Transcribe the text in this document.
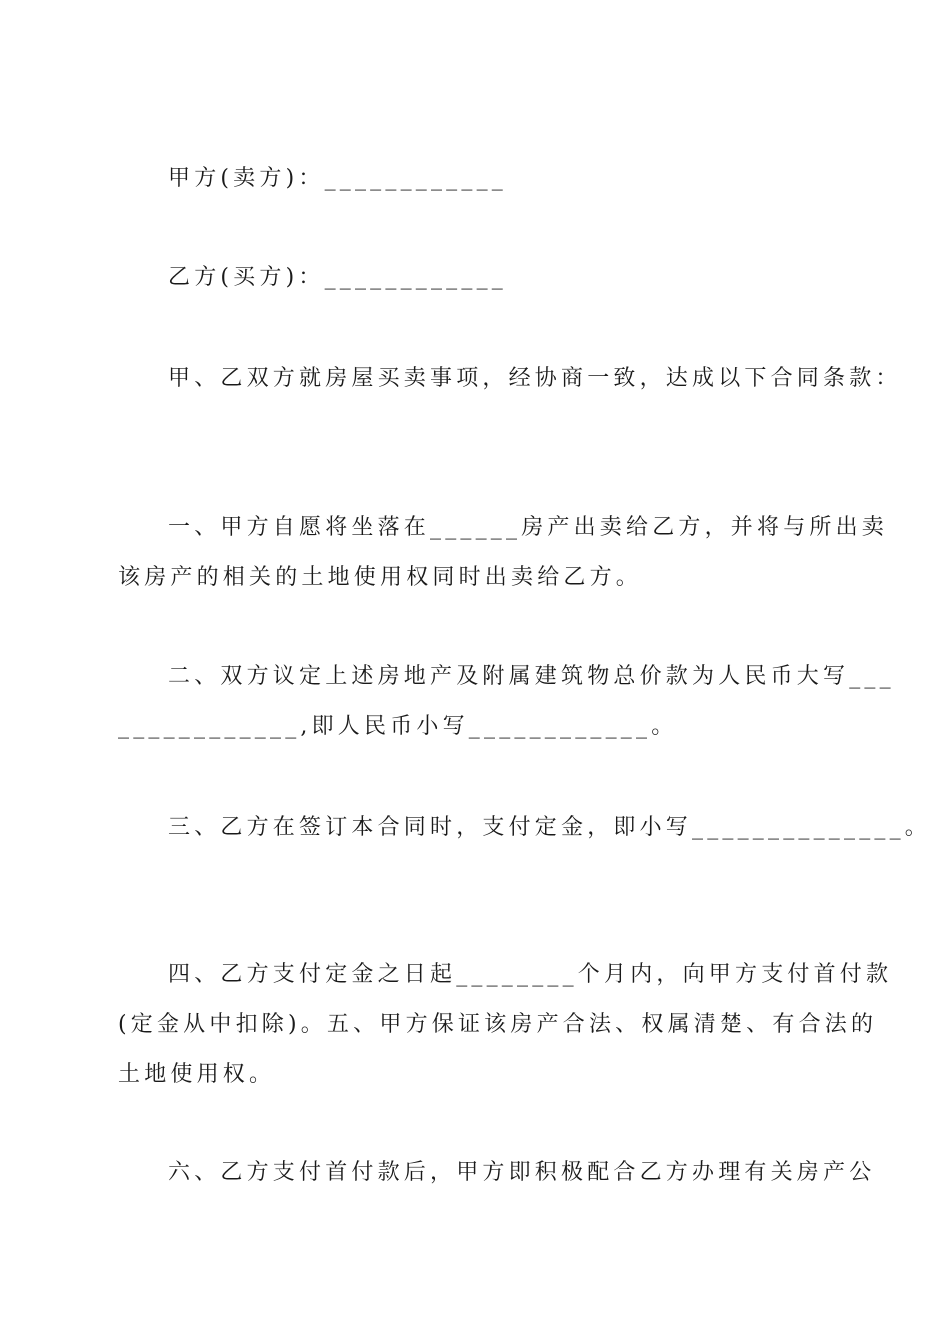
甲方(卖方)：____________
乙方(买方)：____________
甲、乙双方就房屋买卖事项，经协商一致，达成以下合同条款：
一、甲方自愿将坐落在______房产出卖给乙方，并将与所出卖
该房产的相关的土地使用权同时出卖给乙方。
二、双方议定上述房地产及附属建筑物总价款为人民币大写___
____________,即人民币小写____________。
三、乙方在签订本合同时，支付定金，即小写______________。
四、乙方支付定金之日起________个月内，向甲方支付首付款
(定金从中扣除)。五、甲方保证该房产合法、权属清楚、有合法的
土地使用权。
六、乙方支付首付款后，甲方即积极配合乙方办理有关房产公
